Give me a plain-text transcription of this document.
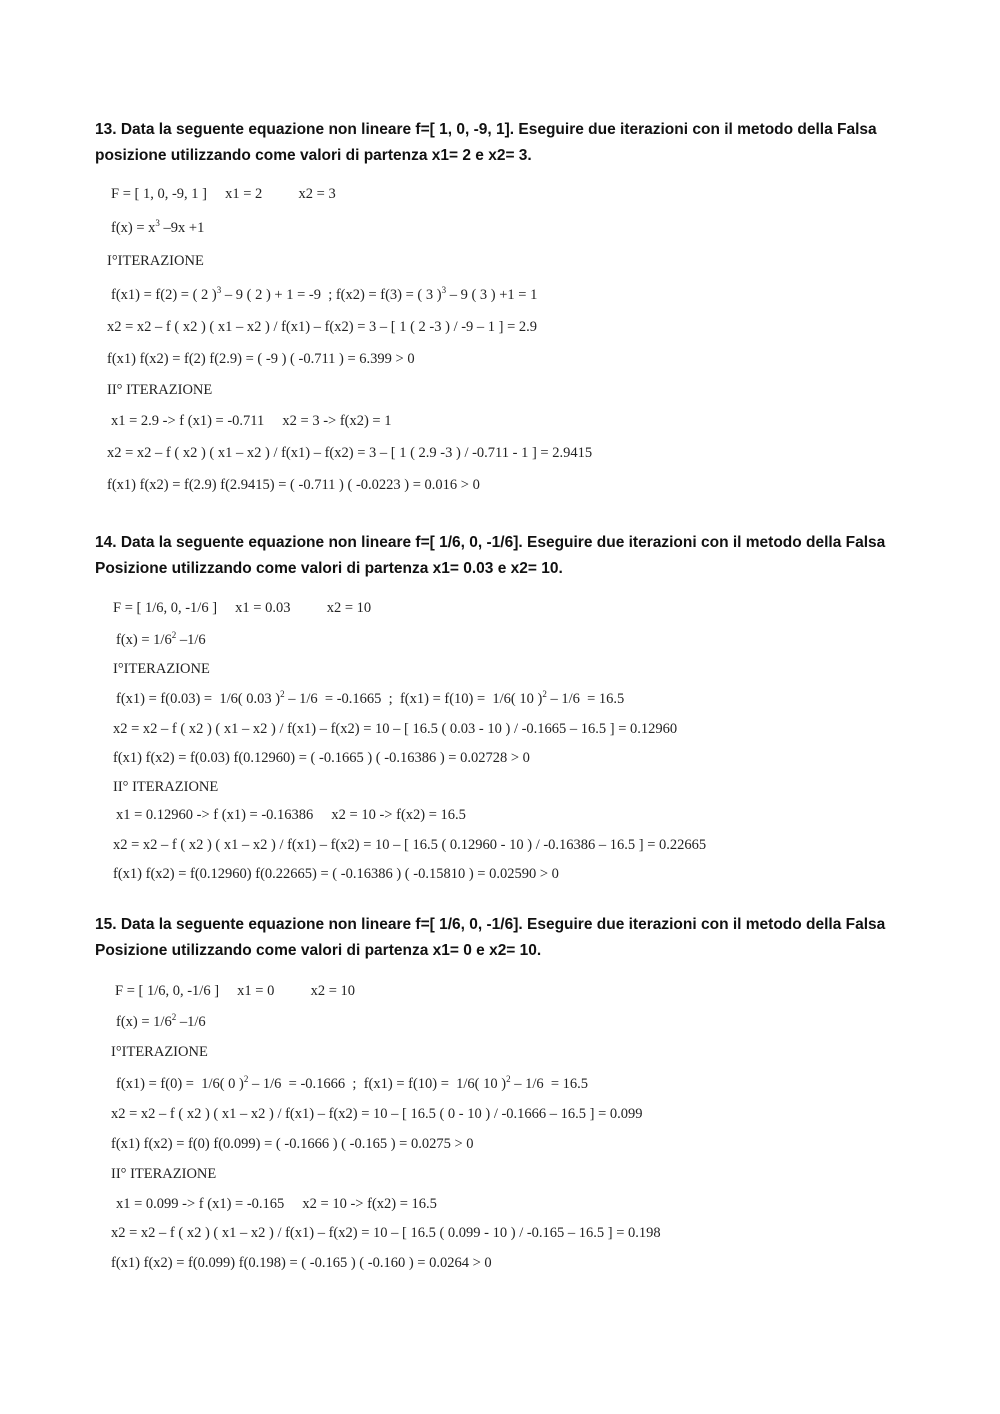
13. Data la seguente equazione non lineare f=[ 1, 0, -9, 1]. Eseguire due iterazioni con il metodo della Falsa posizione utilizzando come valori di partenza x1= 2 e x2= 3.
F = [ 1, 0, -9, 1 ]     x1 = 2          x2 = 3
$f(x) = x^3$ –9x +1
I°ITERAZIONE
f(x1) = f(2) = ( 2 )$^3$ – 9 ( 2 ) + 1 = -9  ; f(x2) = f(3) = ( 3 )$^3$ – 9 ( 3 ) +1 = 1
x2 = x2 – f ( x2 ) ( x1 – x2 ) / f(x1) – f(x2) = 3 – [ 1 ( 2 -3 ) / -9 – 1 ] = 2.9
f(x1) f(x2) = f(2) f(2.9) = ( -9 ) ( -0.711 ) = 6.399 > 0
II° ITERAZIONE
x1 = 2.9 -> f (x1) = -0.711     x2 = 3 -> f(x2) = 1
x2 = x2 – f ( x2 ) ( x1 – x2 ) / f(x1) – f(x2) = 3 – [ 1 ( 2.9 -3 ) / -0.711 - 1 ] = 2.9415
f(x1) f(x2) = f(2.9) f(2.9415) = ( -0.711 ) ( -0.0223 ) = 0.016 > 0
14. Data la seguente equazione non lineare f=[ 1/6, 0, -1/6]. Eseguire due iterazioni con il metodo della Falsa Posizione utilizzando come valori di partenza x1= 0.03 e x2= 10.
F = [ 1/6, 0, -1/6 ]     x1 = 0.03          x2 = 10
$f(x) = 1/6^2$ –1/6
I°ITERAZIONE
f(x1) = f(0.03) =  1/6( 0.03 )$^2$ – 1/6  = -0.1665  ;  f(x1) = f(10) =  1/6( 10 )$^2$ – 1/6  = 16.5
x2 = x2 – f ( x2 ) ( x1 – x2 ) / f(x1) – f(x2) = 10 – [ 16.5 ( 0.03 - 10 ) / -0.1665 – 16.5 ] = 0.12960
f(x1) f(x2) = f(0.03) f(0.12960) = ( -0.1665 ) ( -0.16386 ) = 0.02728 > 0
II° ITERAZIONE
x1 = 0.12960 -> f (x1) = -0.16386     x2 = 10 -> f(x2) = 16.5
x2 = x2 – f ( x2 ) ( x1 – x2 ) / f(x1) – f(x2) = 10 – [ 16.5 ( 0.12960 - 10 ) / -0.16386 – 16.5 ] = 0.22665
f(x1) f(x2) = f(0.12960) f(0.22665) = ( -0.16386 ) ( -0.15810 ) = 0.02590 > 0
15. Data la seguente equazione non lineare f=[ 1/6, 0, -1/6]. Eseguire due iterazioni con il metodo della Falsa Posizione utilizzando come valori di partenza x1= 0 e x2= 10.
F = [ 1/6, 0, -1/6 ]     x1 = 0          x2 = 10
$f(x) = 1/6^2$ –1/6
I°ITERAZIONE
f(x1) = f(0) =  1/6( 0 )$^2$ – 1/6  = -0.1666  ;  f(x1) = f(10) =  1/6( 10 )$^2$ – 1/6  = 16.5
x2 = x2 – f ( x2 ) ( x1 – x2 ) / f(x1) – f(x2) = 10 – [ 16.5 ( 0 - 10 ) / -0.1666 – 16.5 ] = 0.099
f(x1) f(x2) = f(0) f(0.099) = ( -0.1666 ) ( -0.165 ) = 0.0275 > 0
II° ITERAZIONE
x1 = 0.099 -> f (x1) = -0.165     x2 = 10 -> f(x2) = 16.5
x2 = x2 – f ( x2 ) ( x1 – x2 ) / f(x1) – f(x2) = 10 – [ 16.5 ( 0.099 - 10 ) / -0.165 – 16.5 ] = 0.198
f(x1) f(x2) = f(0.099) f(0.198) = ( -0.165 ) ( -0.160 ) = 0.0264 > 0
